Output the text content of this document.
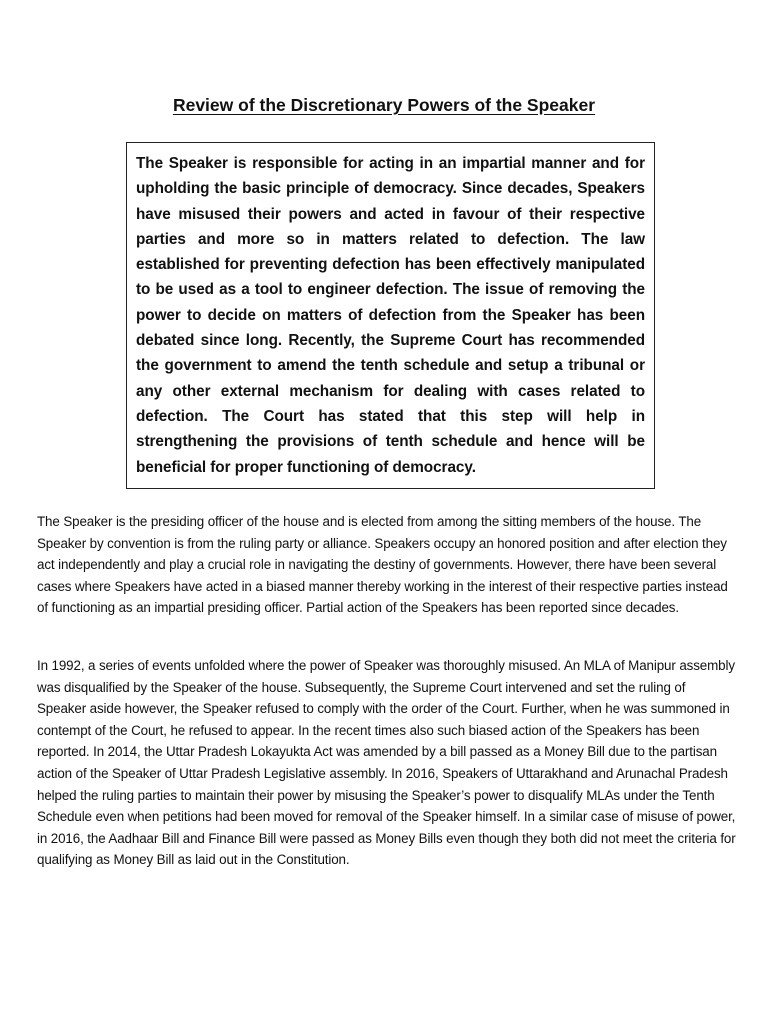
Review of the Discretionary Powers of the Speaker

The Speaker is responsible for acting in an impartial manner and for upholding the basic principle of democracy. Since decades, Speakers have misused their powers and acted in favour of their respective parties and more so in matters related to defection. The law established for preventing defection has been effectively manipulated to be used as a tool to engineer defection. The issue of removing the power to decide on matters of defection from the Speaker has been debated since long. Recently, the Supreme Court has recommended the government to amend the tenth schedule and setup a tribunal or any other external mechanism for dealing with cases related to defection. The Court has stated that this step will help in strengthening the provisions of tenth schedule and hence will be beneficial for proper functioning of democracy.

The Speaker is the presiding officer of the house and is elected from among the sitting members of the house. The Speaker by convention is from the ruling party or alliance. Speakers occupy an honored position and after election they act independently and play a crucial role in navigating the destiny of governments. However, there have been several cases where Speakers have acted in a biased manner thereby working in the interest of their respective parties instead of functioning as an impartial presiding officer. Partial action of the Speakers has been reported since decades.

In 1992, a series of events unfolded where the power of Speaker was thoroughly misused. An MLA of Manipur assembly was disqualified by the Speaker of the house. Subsequently, the Supreme Court intervened and set the ruling of Speaker aside however, the Speaker refused to comply with the order of the Court. Further, when he was summoned in contempt of the Court, he refused to appear. In the recent times also such biased action of the Speakers has been reported. In 2014, the Uttar Pradesh Lokayukta Act was amended by a bill passed as a Money Bill due to the partisan action of the Speaker of Uttar Pradesh Legislative assembly. In 2016, Speakers of Uttarakhand and Arunachal Pradesh helped the ruling parties to maintain their power by misusing the Speaker’s power to disqualify MLAs under the Tenth Schedule even when petitions had been moved for removal of the Speaker himself. In a similar case of misuse of power, in 2016, the Aadhaar Bill and Finance Bill were passed as Money Bills even though they both did not meet the criteria for qualifying as Money Bill as laid out in the Constitution.
